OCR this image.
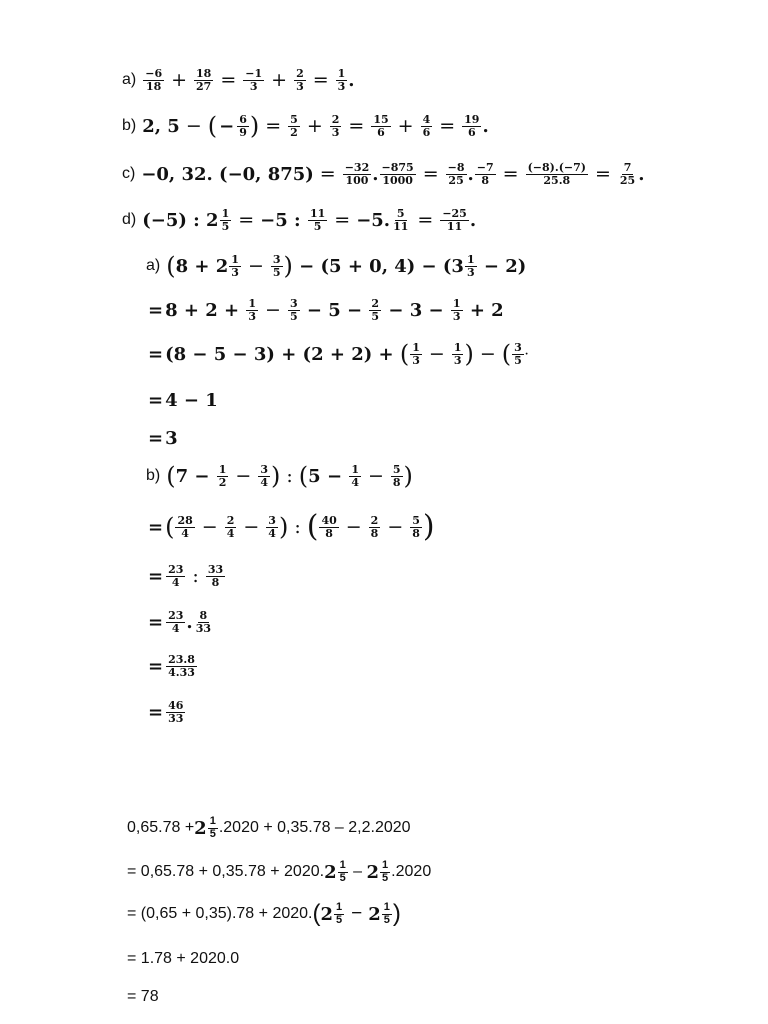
$a) \frac{-6}{18} + \frac{18}{27} = \frac{-1}{3} + \frac{2}{3} = \frac{1}{3}$ .
b) 2, 5 − ( − $\frac{6}{9}$ ) = $\frac{5}{2} + \frac{2}{3} = \frac{15}{6} + \frac{4}{6} = \frac{19}{6}$ .
c) −0, 32. (−0, $875) = \frac{-32}{100}$ . $\frac{-875}{1000} = \frac{-8}{25}$ . $\frac{-7}{8} = \frac{(-8).(-7)}{25.8} = \frac{7}{25}$ .
d) (−5) : $2 \frac{1}{5} = -5$ :
$\frac{11}{5} = -5$. $\frac{5}{11} = \frac{-25}{11}$ .
a) ( $8 + 2 \frac{1}{3} - \frac{3}{5}$ )
− (5 + 0, $4) - (3 \frac{1}{3}$
− 2)
= 8 + 2 +
$\frac{1}{3} - \frac{3}{5}$
− 5 −
$\frac{2}{5}$
− 3 −
$\frac{1}{3}$
+ 2
= (8 − 5 − 3) + (2 + 2) +
( $\frac{1}{3} - \frac{1}{3}$ ) − ( $\frac{3}{5}$ ·
= 4 − 1
= 3
b) ( 7 −
$\frac{1}{2} - \frac{3}{4}$ ) : ( 5 −
$\frac{1}{4} - \frac{5}{8}$ )
= ( $\frac{28}{4} - \frac{2}{4} - \frac{3}{4}$ ) : ( $\frac{40}{8} - \frac{2}{8} - \frac{5}{8}$ )
= $\frac{23}{4}$ : $\frac{33}{8}$
= $\frac{23}{4}$ . $\frac{8}{33}$
= $\frac{23.8}{4.33}$
= $\frac{46}{33}$
$0,65.78 + 2 \frac{1}{5} .2020 + 0,35.78 - 2,2.2020$
= 0,65.78 + 0,35.78 + 2020. $2 \frac{1}{5} - 2 \frac{1}{5} .2020$
= (0,65 + 0,35).78 + 2020. ( $2 \frac{1}{5} - 2 \frac{1}{5}$ )
= 1.78 + 2020.0
= 78
